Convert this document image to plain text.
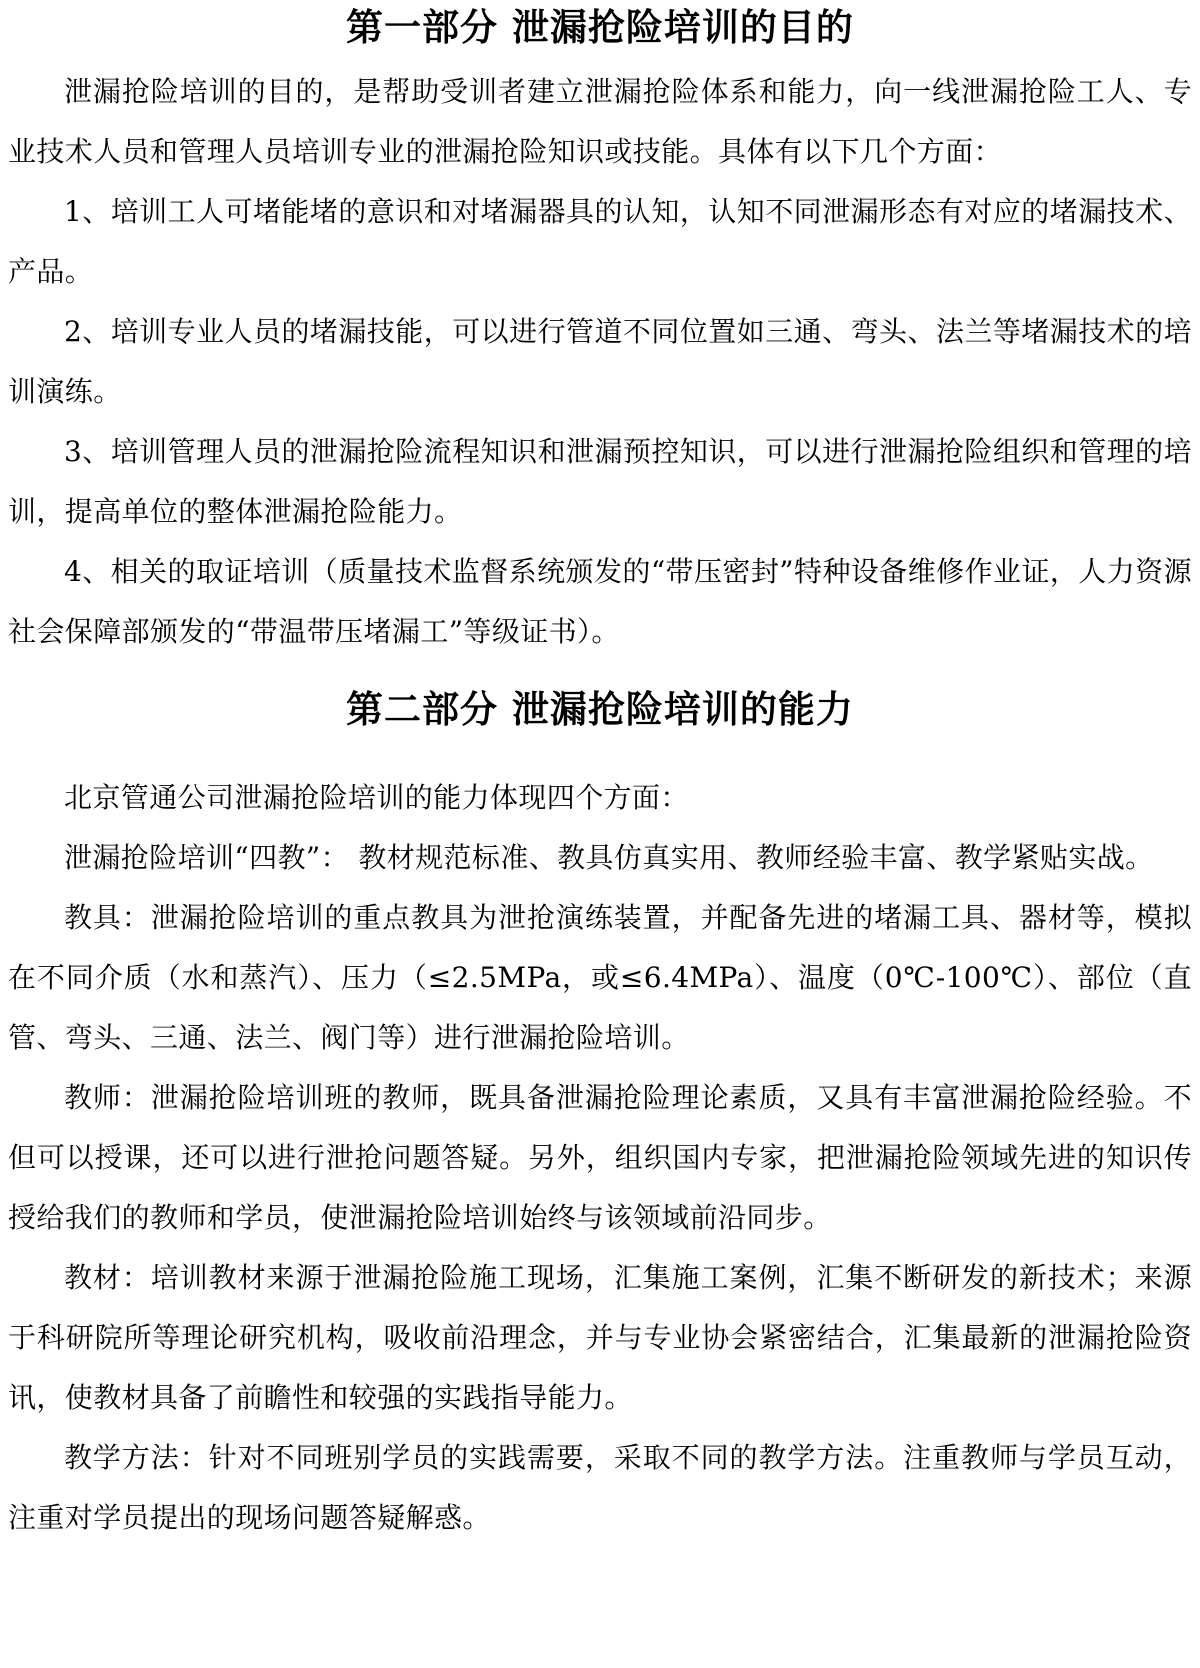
第一部分 泄漏抢险培训的目的

泄漏抢险培训的目的，是帮助受训者建立泄漏抢险体系和能力，向一线泄漏抢险工人、专业技术人员和管理人员培训专业的泄漏抢险知识或技能。具体有以下几个方面：

1、培训工人可堵能堵的意识和对堵漏器具的认知，认知不同泄漏形态有对应的堵漏技术、产品。

2、培训专业人员的堵漏技能，可以进行管道不同位置如三通、弯头、法兰等堵漏技术的培训演练。

3、培训管理人员的泄漏抢险流程知识和泄漏预控知识，可以进行泄漏抢险组织和管理的培训，提高单位的整体泄漏抢险能力。

4、相关的取证培训（质量技术监督系统颁发的“带压密封”特种设备维修作业证，人力资源社会保障部颁发的“带温带压堵漏工”等级证书）。

第二部分 泄漏抢险培训的能力

北京管通公司泄漏抢险培训的能力体现四个方面：

泄漏抢险培训“四教”： 教材规范标准、教具仿真实用、教师经验丰富、教学紧贴实战。

教具：泄漏抢险培训的重点教具为泄抢演练装置，并配备先进的堵漏工具、器材等，模拟在不同介质（水和蒸汽）、压力（≤2.5MPa，或≤6.4MPa）、温度（0℃-100℃）、部位（直管、弯头、三通、法兰、阀门等）进行泄漏抢险培训。

教师：泄漏抢险培训班的教师，既具备泄漏抢险理论素质，又具有丰富泄漏抢险经验。不但可以授课，还可以进行泄抢问题答疑。另外，组织国内专家，把泄漏抢险领域先进的知识传授给我们的教师和学员，使泄漏抢险培训始终与该领域前沿同步。

教材：培训教材来源于泄漏抢险施工现场，汇集施工案例，汇集不断研发的新技术；来源于科研院所等理论研究机构，吸收前沿理念，并与专业协会紧密结合，汇集最新的泄漏抢险资讯，使教材具备了前瞻性和较强的实践指导能力。

教学方法：针对不同班别学员的实践需要，采取不同的教学方法。注重教师与学员互动，注重对学员提出的现场问题答疑解惑。
